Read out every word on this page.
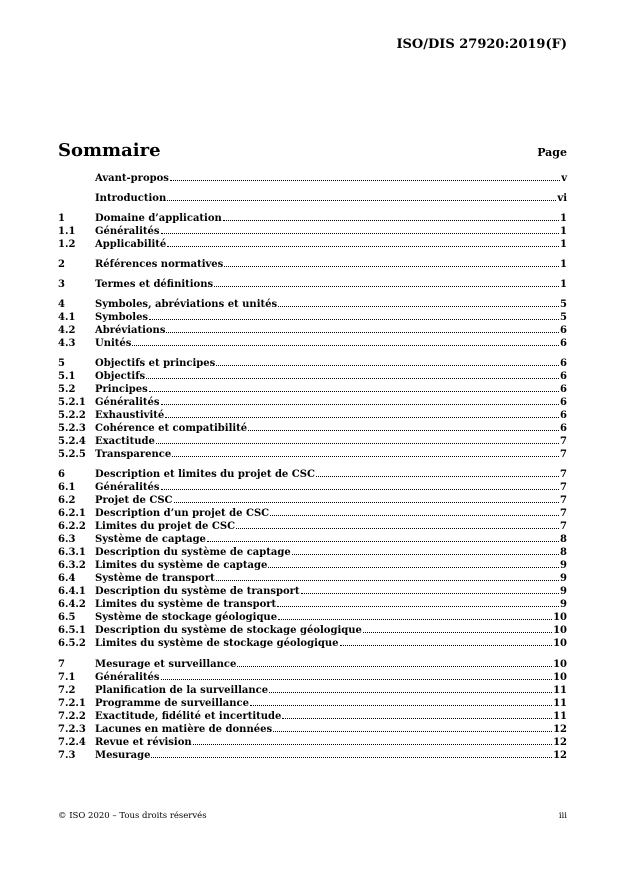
ISO/DIS 27920:2019(F)
Sommaire	Page
Avant-propos	v
Introduction	vi
1	Domaine d’application	1
1.1	Généralités	1
1.2	Applicabilité	1
2	Références normatives	1
3	Termes et définitions	1
4	Symboles, abréviations et unités	5
4.1	Symboles	5
4.2	Abréviations	6
4.3	Unités	6
5	Objectifs et principes	6
5.1	Objectifs	6
5.2	Principes	6
5.2.1 Généralités	6
5.2.2 Exhaustivité	6
5.2.3 Cohérence et compatibilité	6
5.2.4 Exactitude	7
5.2.5 Transparence	7
6	Description et limites du projet de CSC	7
6.1	Généralités	7
6.2	Projet de CSC	7
6.2.1 Description d’un projet de CSC	7
6.2.2 Limites du projet de CSC	7
6.3	Système de captage	8
6.3.1 Description du système de captage	8
6.3.2 Limites du système de captage	9
6.4	Système de transport	9
6.4.1 Description du système de transport	9
6.4.2 Limites du système de transport	9
6.5	Système de stockage géologique	10
6.5.1 Description du système de stockage géologique	10
6.5.2 Limites du système de stockage géologique	10
7	Mesurage et surveillance	10
7.1	Généralités	10
7.2	Planification de la surveillance	11
7.2.1 Programme de surveillance	11
7.2.2 Exactitude, fidélité et incertitude	11
7.2.3 Lacunes en matière de données	12
7.2.4 Revue et révision	12
7.3	Mesurage	12
© ISO 2020 – Tous droits réservés	iii
